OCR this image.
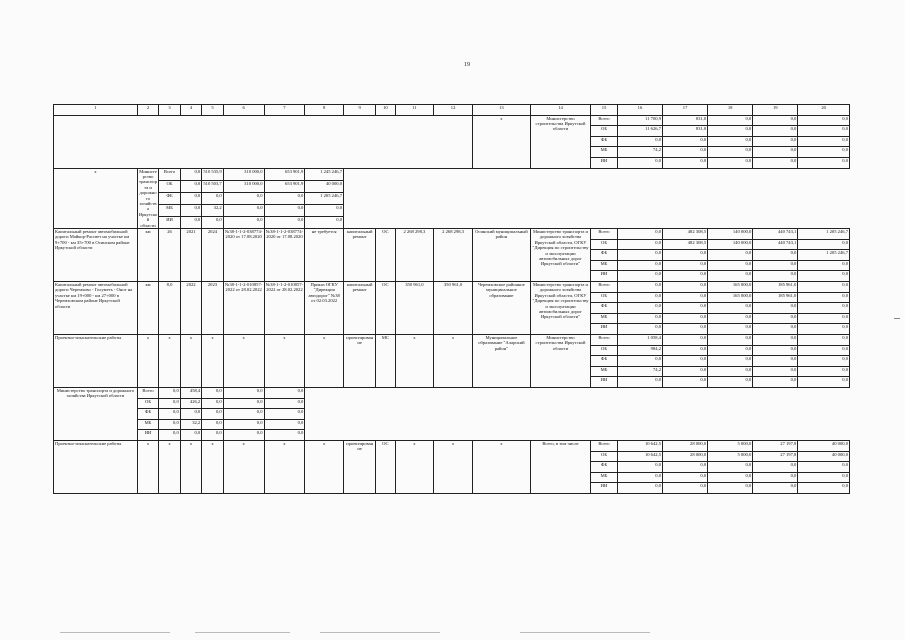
19
1	2	3	4	5	6	7	8	9	10	11	12	13	14	15	16	17	18	19	20
												х	Министерство строительства Иркутской области	Всего	11 700,9	831,0	0,0	0,0	0,0
														ОБ	11 626,7	831,0	0,0	0,0	0,0
														ФБ	0,0	0,0	0,0	0,0	0,0
														МБ	74,2	0,0	0,0	0,0	0,0
														ИИ	0,0	0,0	0,0	0,0	0,0
х	Министерство транспорта и дорожного хозяйства Иркутской области	Всего	0,0	510 535,9	310 000,0	653 901,9	1 245 246,7												
		ОБ	0,0	510 503,7	310 000,0	653 901,9	40 000,0												
		ФБ	0,0	0,0	0,0	0,0	1 205 246,7												
		МБ	0,0	32,2	0,0	0,0	0,0												
		ИИ	0,0	0,0	0,0	0,0	0,0												
Капитальный ремонт автомобильной дороги Майкор-Рассвет на участке км 9+700 - км 35+700 в Осинском районе Иркутской области	км	26	2021	2024	№38-1-1-2-038774-2020 от 17.08.2020	№38-1-1-2-038774-2020 от 17.08.2020	не требуется	капитальный ремонт	ОС	2 268 298,3	2 268 298,3	Осинский муниципальный район	Министерство транспорта и дорожного хозяйства Иркутской области, ОГКУ "Дирекция по строительству и эксплуатации автомобильных дорог Иркутской области"	Всего	0,0	482 308,5	140 000,0	440 743,1	1 205 246,7
														ОБ	0,0	482 308,5	140 000,0	440 743,1	0,0
														ФБ	0,0	0,0	0,0	0,0	1 205 246,7
														МБ	0,0	0,0	0,0	0,0	0,0
														ИИ	0,0	0,0	0,0	0,0	0,0
Капитальный ремонт автомобильной дороги Черемхово - Голуметь - Онот на участке км 19+000 - км 27+000 в Черемховском районе Иркутской области	км	8,0	2022	2023	№38-1-1-2-010857-2022 от 28.02.2022	№38-1-1-2-010857-2022 от 28.02.2022	Приказ ОГКУ "Дирекция автодорог" №38 от 02.03.2022	капитальный ремонт	ОС	350 961,0	350 961,0	Черемховское районное муниципальное образование	Министерство транспорта и дорожного хозяйства Иркутской области, ОГКУ "Дирекция по строительству и эксплуатации автомобильных дорог Иркутской области"	Всего	0,0	0,0	165 000,0	185 961,0	0,0
														ОБ	0,0	0,0	165 000,0	185 961,0	0,0
														ФБ	0,0	0,0	0,0	0,0	0,0
														МБ	0,0	0,0	0,0	0,0	0,0
														ИИ	0,0	0,0	0,0	0,0	0,0
Проектно-изыскательские работы	х	х	х	х	х	х	х	проектирование	МС	х	х	Муниципальное образование "Аларский район"	Министерство строительства Иркутской области	Всего	1 058,4	0,0	0,0	0,0	0,0
														ОБ	984,2	0,0	0,0	0,0	0,0
														ФБ	0,0	0,0	0,0	0,0	0,0
														МБ	74,2	0,0	0,0	0,0	0,0
														ИИ	0,0	0,0	0,0	0,0	0,0
Министерство транспорта и дорожного хозяйства Иркутской области	Всего	0,0	458,4	0,0	0,0	0,0													
	ОБ	0,0	426,2	0,0	0,0	0,0													
	ФБ	0,0	0,0	0,0	0,0	0,0													
	МБ	0,0	32,2	0,0	0,0	0,0													
	ИИ	0,0	0,0	0,0	0,0	0,0													
Проектно-изыскательские работы	х	х	х	х	х	х	х	проектирование	ОС	х	х	х	Всего, в том числе	Всего	10 642,5	28 000,0	5 000,0	27 197,8	40 000,0
														ОБ	10 642,5	28 000,0	5 000,0	27 197,8	40 000,0
														ФБ	0,0	0,0	0,0	0,0	0,0
														МБ	0,0	0,0	0,0	0,0	0,0
														ИИ	0,0	0,0	0,0	0,0	0,0
